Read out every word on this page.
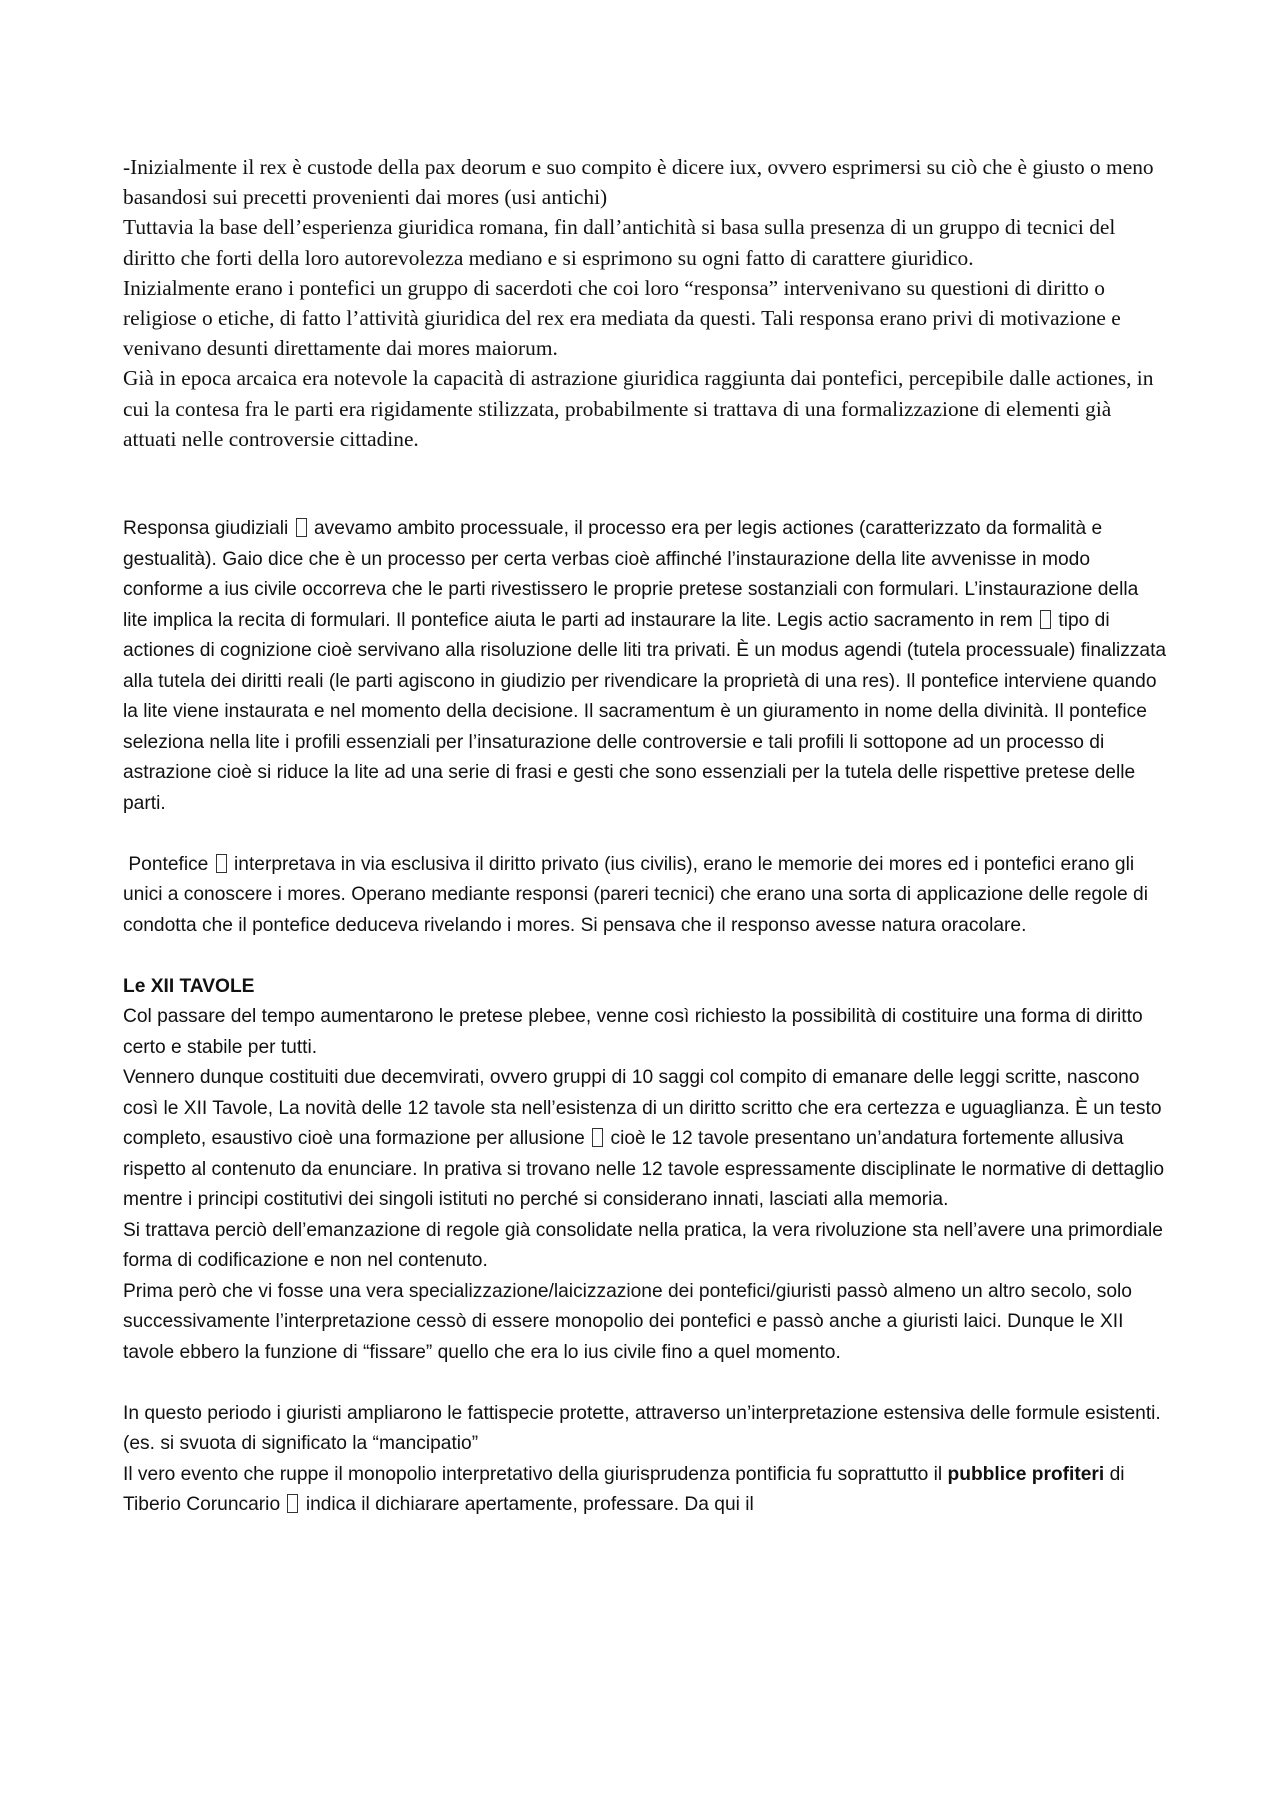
-Inizialmente il rex è custode della pax deorum e suo compito è dicere iux, ovvero esprimersi su ciò che è giusto o meno basandosi sui precetti provenienti dai mores (usi antichi)

Tuttavia la base dell’esperienza giuridica romana, fin dall’antichità si basa sulla presenza di un gruppo di tecnici del diritto che forti della loro autorevolezza mediano e si esprimono su ogni fatto di carattere giuridico.

Inizialmente erano i pontefici un gruppo di sacerdoti che coi loro “responsa” intervenivano su questioni di diritto o religiose o etiche, di fatto l’attività giuridica del rex era mediata da questi. Tali responsa erano privi di motivazione e venivano desunti direttamente dai mores maiorum.

Già in epoca arcaica era notevole la capacità di astrazione giuridica raggiunta dai pontefici, percepibile dalle actiones, in cui la contesa fra le parti era rigidamente stilizzata, probabilmente si trattava di una formalizzazione di elementi già attuati nelle controversie cittadine.

Responsa giudiziali avevamo ambito processuale, il processo era per legis actiones (caratterizzato da formalità e gestualità). Gaio dice che è un processo per certa verbas cioè affinché l’instaurazione della lite avvenisse in modo conforme a ius civile occorreva che le parti rivestissero le proprie pretese sostanziali con formulari. L’instaurazione della lite implica la recita di formulari. Il pontefice aiuta le parti ad instaurare la lite. Legis actio sacramento in rem tipo di actiones di cognizione cioè servivano alla risoluzione delle liti tra privati. È un modus agendi (tutela processuale) finalizzata alla tutela dei diritti reali (le parti agiscono in giudizio per rivendicare la proprietà di una res). Il pontefice interviene quando la lite viene instaurata e nel momento della decisione. Il sacramentum è un giuramento in nome della divinità. Il pontefice seleziona nella lite i profili essenziali per l’insaturazione delle controversie e tali profili li sottopone ad un processo di astrazione cioè si riduce la lite ad una serie di frasi e gesti che sono essenziali per la tutela delle rispettive pretese delle parti.

Pontefice interpretava in via esclusiva il diritto privato (ius civilis), erano le memorie dei mores ed i pontefici erano gli unici a conoscere i mores. Operano mediante responsi (pareri tecnici) che erano una sorta di applicazione delle regole di condotta che il pontefice deduceva rivelando i mores. Si pensava che il responso avesse natura oracolare.

Le XII TAVOLE

Col passare del tempo aumentarono le pretese plebee, venne così richiesto la possibilità di costituire una forma di diritto certo e stabile per tutti.

Vennero dunque costituiti due decemvirati, ovvero gruppi di 10 saggi col compito di emanare delle leggi scritte, nascono così le XII Tavole, La novità delle 12 tavole sta nell’esistenza di un diritto scritto che era certezza e uguaglianza. È un testo completo, esaustivo cioè una formazione per allusione cioè le 12 tavole presentano un’andatura fortemente allusiva rispetto al contenuto da enunciare. In prativa si trovano nelle 12 tavole espressamente disciplinate le normative di dettaglio mentre i principi costitutivi dei singoli istituti no perché si considerano innati, lasciati alla memoria.

Si trattava perciò dell’emanzazione di regole già consolidate nella pratica, la vera rivoluzione sta nell’avere una primordiale forma di codificazione e non nel contenuto.

Prima però che vi fosse una vera specializzazione/laicizzazione dei pontefici/giuristi passò almeno un altro secolo, solo successivamente l’interpretazione cessò di essere monopolio dei pontefici e passò anche a giuristi laici. Dunque le XII tavole ebbero la funzione di “fissare” quello che era lo ius civile fino a quel momento.

In questo periodo i giuristi ampliarono le fattispecie protette, attraverso un’interpretazione estensiva delle formule esistenti. (es. si svuota di significato la “mancipatio”

Il vero evento che ruppe il monopolio interpretativo della giurisprudenza pontificia fu soprattutto il pubblice profiteri di Tiberio Coruncario indica il dichiarare apertamente, professare. Da qui il
